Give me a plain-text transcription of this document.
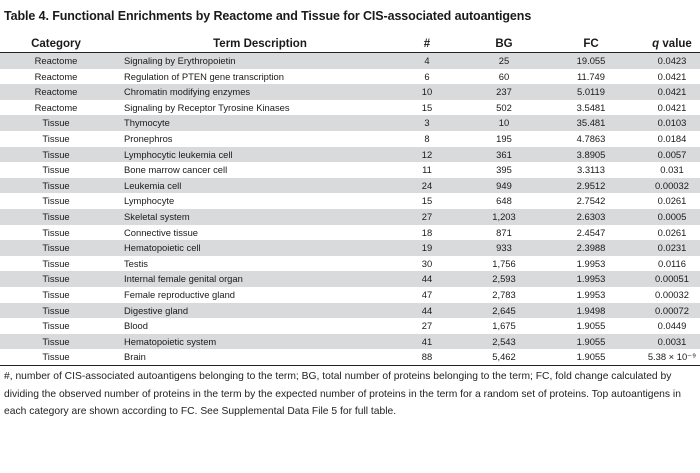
Table 4. Functional Enrichments by Reactome and Tissue for CIS-associated autoantigens
Category	Term Description	#	BG	FC	q value
Reactome	Signaling by Erythropoietin	4	25	19.055	0.0423
Reactome	Regulation of PTEN gene transcription	6	60	11.749	0.0421
Reactome	Chromatin modifying enzymes	10	237	5.0119	0.0421
Reactome	Signaling by Receptor Tyrosine Kinases	15	502	3.5481	0.0421
Tissue	Thymocyte	3	10	35.481	0.0103
Tissue	Pronephros	8	195	4.7863	0.0184
Tissue	Lymphocytic leukemia cell	12	361	3.8905	0.0057
Tissue	Bone marrow cancer cell	11	395	3.3113	0.031
Tissue	Leukemia cell	24	949	2.9512	0.00032
Tissue	Lymphocyte	15	648	2.7542	0.0261
Tissue	Skeletal system	27	1,203	2.6303	0.0005
Tissue	Connective tissue	18	871	2.4547	0.0261
Tissue	Hematopoietic cell	19	933	2.3988	0.0231
Tissue	Testis	30	1,756	1.9953	0.0116
Tissue	Internal female genital organ	44	2,593	1.9953	0.00051
Tissue	Female reproductive gland	47	2,783	1.9953	0.00032
Tissue	Digestive gland	44	2,645	1.9498	0.00072
Tissue	Blood	27	1,675	1.9055	0.0449
Tissue	Hematopoietic system	41	2,543	1.9055	0.0031
Tissue	Brain	88	5,462	1.9055	5.38 × 10⁻⁹
#, number of CIS-associated autoantigens belonging to the term; BG, total number of proteins belonging to the term; FC, fold change calculated by dividing the observed number of proteins in the term by the expected number of proteins in the term for a random set of proteins. Top autoantigens in each category are shown according to FC. See Supplemental Data File 5 for full table.
